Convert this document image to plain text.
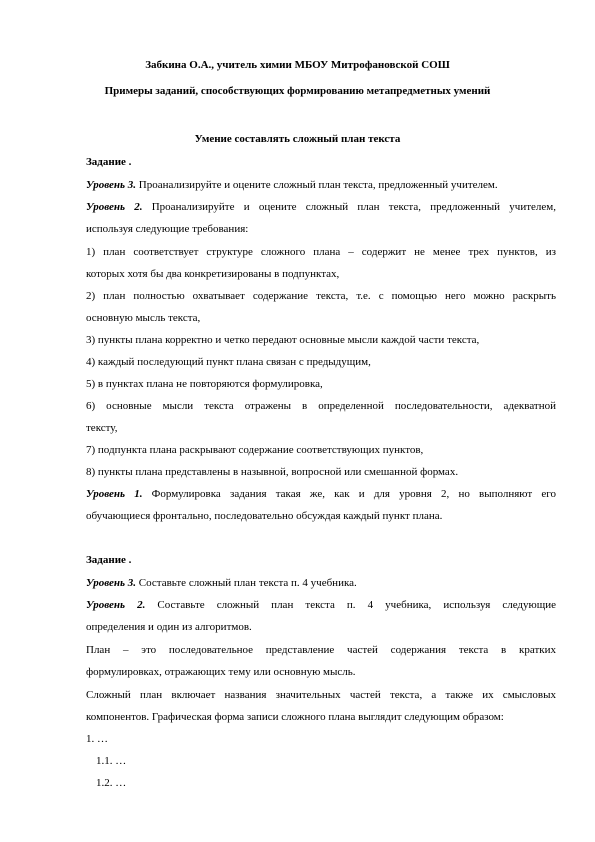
Забкина О.А., учитель химии МБОУ Митрофановской СОШ
Примеры заданий, способствующих формированию метапредметных умений
Умение составлять сложный план текста
Задание .
Уровень 3. Проанализируйте и оцените сложный план текста, предложенный учителем.
Уровень 2. Проанализируйте и оцените сложный план текста, предложенный учителем,
используя следующие требования:
1) план соответствует структуре сложного плана – содержит не менее трех пунктов, из
которых хотя бы два конкретизированы в подпунктах,
2) план полностью охватывает содержание текста, т.е. с помощью него можно раскрыть
основную мысль текста,
3) пункты плана корректно и четко передают основные мысли каждой части текста,
4) каждый последующий пункт плана связан с предыдущим,
5) в пунктах плана не повторяются формулировка,
6) основные мысли текста отражены в определенной последовательности, адекватной
тексту,
7) подпункта плана раскрывают содержание соответствующих пунктов,
8) пункты плана представлены в назывной, вопросной или смешанной формах.
Уровень 1. Формулировка задания такая же, как и для уровня 2, но выполняют его
обучающиеся фронтально, последовательно обсуждая каждый пункт плана.
Задание .
Уровень 3. Составьте сложный план текста п. 4 учебника.
Уровень 2. Составьте сложный план текста п. 4 учебника, используя следующие
определения и один из алгоритмов.
План – это последовательное представление частей содержания текста в кратких
формулировках, отражающих тему или основную мысль.
Сложный план включает названия значительных частей текста, а также их смысловых
компонентов. Графическая форма записи сложного плана выглядит следующим образом:
1. …
1.1. …
1.2. …
